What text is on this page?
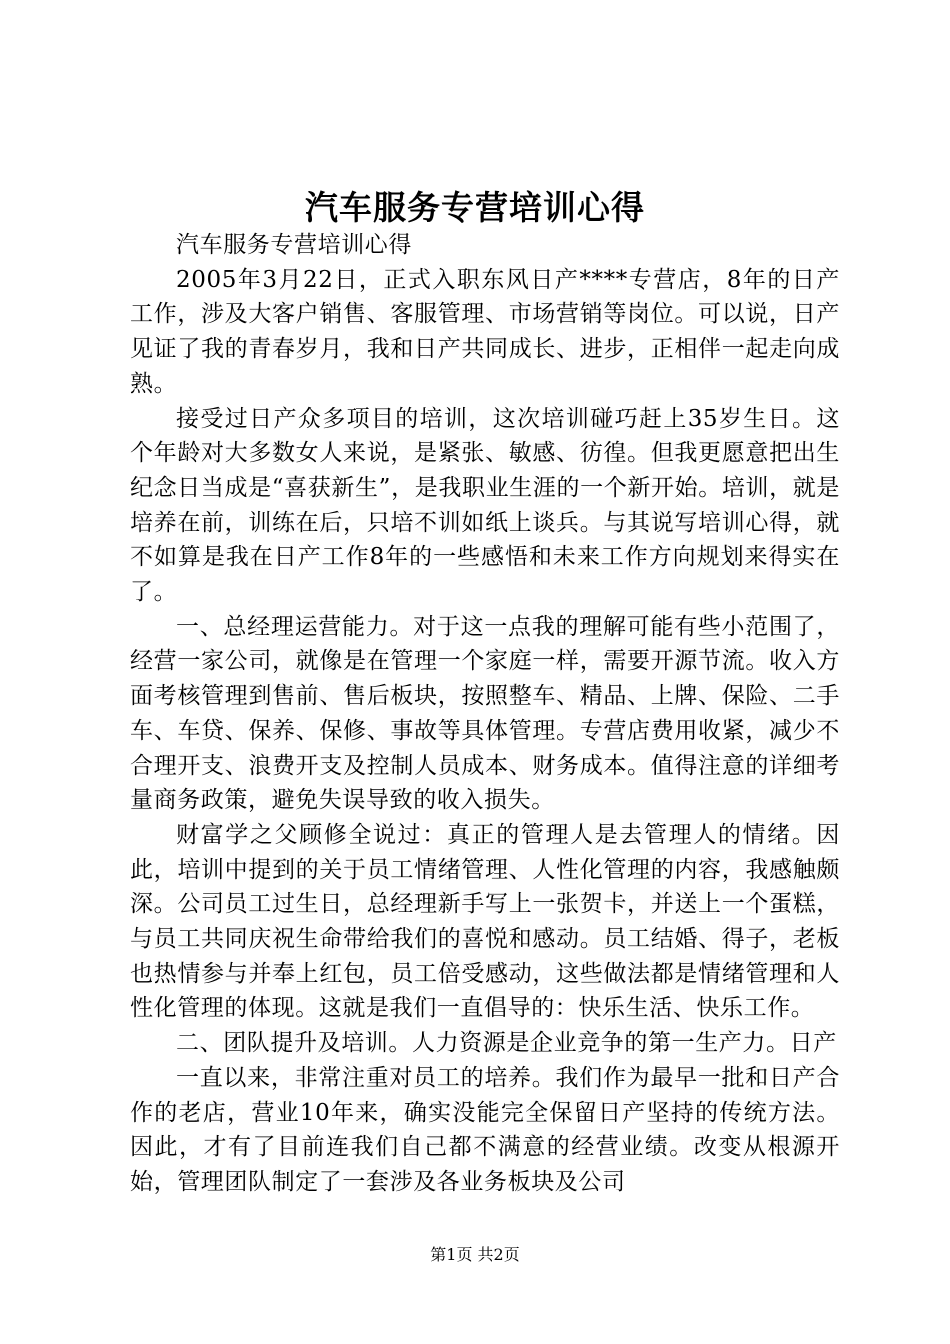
汽车服务专营培训心得

汽车服务专营培训心得

2005年3月22日，正式入职东风日产****专营店，8年的日产工作，涉及大客户销售、客服管理、市场营销等岗位。可以说，日产见证了我的青春岁月，我和日产共同成长、进步，正相伴一起走向成熟。

接受过日产众多项目的培训，这次培训碰巧赶上35岁生日。这个年龄对大多数女人来说，是紧张、敏感、彷徨。但我更愿意把出生纪念日当成是“喜获新生”，是我职业生涯的一个新开始。培训，就是培养在前，训练在后，只培不训如纸上谈兵。与其说写培训心得，就不如算是我在日产工作8年的一些感悟和未来工作方向规划来得实在了。

一、总经理运营能力。对于这一点我的理解可能有些小范围了，经营一家公司，就像是在管理一个家庭一样，需要开源节流。收入方面考核管理到售前、售后板块，按照整车、精品、上牌、保险、二手车、车贷、保养、保修、事故等具体管理。专营店费用收紧，减少不合理开支、浪费开支及控制人员成本、财务成本。值得注意的详细考量商务政策，避免失误导致的收入损失。

财富学之父顾修全说过：真正的管理人是去管理人的情绪。因此，培训中提到的关于员工情绪管理、人性化管理的内容，我感触颇深。公司员工过生日，总经理新手写上一张贺卡，并送上一个蛋糕，与员工共同庆祝生命带给我们的喜悦和感动。员工结婚、得子，老板也热情参与并奉上红包，员工倍受感动，这些做法都是情绪管理和人性化管理的体现。这就是我们一直倡导的：快乐生活、快乐工作。

二、团队提升及培训。人力资源是企业竞争的第一生产力。日产

一直以来，非常注重对员工的培养。我们作为最早一批和日产合作的老店，营业10年来，确实没能完全保留日产坚持的传统方法。因此，才有了目前连我们自己都不满意的经营业绩。改变从根源开始，管理团队制定了一套涉及各业务板块及公司

第1页 共2页
